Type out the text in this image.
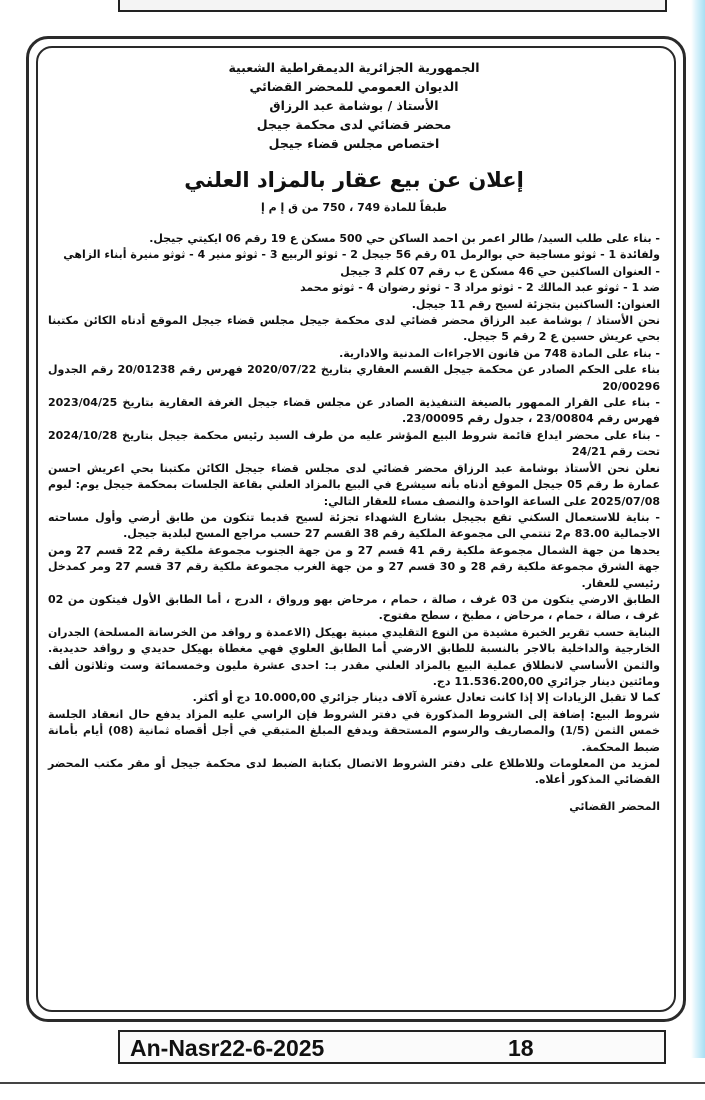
الجمهورية الجزائرية الديمقراطية الشعبية

الديوان العمومي للمحضر القضائي

الأستاذ / بوشامة عبد الرزاق

محضر قضائي لدى محكمة جيجل

اختصاص مجلس قضاء جيجل

إعلان عن بيع عقار بالمزاد العلني

طبقاً للمادة 749 ، 750 من ق إ م إ

- بناء على طلب السيد/ طالر اعمر بن احمد الساكن حي 500 مسكن ع 19 رقم 06 ايكيتي جيجل.

ولفائدة 1 - ثوثو مساجية حي بوالرمل 01 رقم 56 جيجل 2 - ثوثو الربيع 3 - ثوثو منير 4 - ثوثو منيرة أبناء الزاهي

- العنوان الساكنين حي 46 مسكن ع ب رقم 07 كلم 3 جيجل

ضد 1 - ثوثو عبد المالك 2 - ثوثو مراد 3 - ثوثو رضوان 4 - ثوثو محمد

العنوان: الساكنين بتجزئة لسيح رقم 11 جيجل.

نحن الأستاذ / بوشامة عبد الرزاق محضر قضائي لدى محكمة جيجل مجلس قضاء جيجل الموقع أدناه الكائن مكتبنا بحي عريش حسين ع 2 رقم 5 جيجل.

- بناء على المادة 748 من قانون الاجراءات المدنية والادارية.

بناء على الحكم الصادر عن محكمة جيجل القسم العقاري بتاريخ 2020/07/22 فهرس رقم 20/01238 رقم الجدول 20/00296

- بناء على القرار الممهور بالصيغة التنفيذية الصادر عن مجلس قضاء جيجل الغرفة العقارية بتاريخ 2023/04/25 فهرس رقم 23/00804 ، جدول رقم 23/00095.

- بناء على محضر ايداع قائمة شروط البيع المؤشر عليه من طرف السيد رئيس محكمة جيجل بتاريخ 2024/10/28 تحت رقم 24/21

نعلن نحن الأستاذ بوشامة عبد الرزاق محضر قضائي لدى مجلس قضاء جيجل الكائن مكتبنا بحي اعريش احسن عمارة ط رقم 05 جيجل الموقع أدناه بأنه سيشرع في البيع بالمزاد العلني بقاعة الجلسات بمحكمة جيجل يوم: ليوم 2025/07/08 على الساعة الواحدة والنصف مساء للعقار التالي:

- بناية للاستعمال السكني تقع بجيجل بشارع الشهداء تجزئة لسيح قديما تتكون من طابق أرضي وأول مساحته الاجمالية 83.00 م2 تنتمي الى مجموعة الملكية رقم 38 القسم 27 حسب مراجع المسح لبلدية جيجل.

يحدها من جهة الشمال مجموعة ملكية رقم 41 قسم 27 و من جهة الجنوب مجموعة ملكية رقم 22 قسم 27 ومن جهة الشرق مجموعة ملكية رقم 28 و 30 قسم 27 و من جهة الغرب مجموعة ملكية رقم 37 قسم 27 ومر كمدخل رئيسي للعقار.

الطابق الارضي يتكون من 03 غرف ، صالة ، حمام ، مرحاض بهو ورواق ، الدرج ، أما الطابق الأول فيتكون من 02 غرف ، صالة ، حمام ، مرحاض ، مطبخ ، سطح مفتوح.

البناية حسب تقرير الخبرة مشيدة من النوع التقليدي مبنية بهيكل (الاعمدة و روافد من الخرسانة المسلحة) الجدران الخارجية والداخلية بالاجر بالنسبة للطابق الارضي أما الطابق العلوي فهي مغطاة بهيكل حديدي و روافد حديدية. والثمن الأساسي لانطلاق عملية البيع بالمزاد العلني مقدر بـ: احدى عشرة مليون وخمسمائة وست وثلاثون ألف ومائتين دينار جزائري 11.536.200,00 دج.

كما لا تقبل الزيادات إلا إذا كانت تعادل عشرة آلاف دينار جزائري 10.000,00 دج أو أكثر.

شروط البيع: إضافة إلى الشروط المذكورة في دفتر الشروط فإن الراسي عليه المزاد يدفع حال انعقاد الجلسة خمس الثمن (1/5) والمصاريف والرسوم المستحقة ويدفع المبلغ المتبقي في أجل أقصاه ثمانية (08) أيام بأمانة ضبط المحكمة.

لمزيد من المعلومات وللاطلاع على دفتر الشروط الاتصال بكتابة الضبط لدى محكمة جيجل أو مقر مكتب المحضر القضائي المذكور أعلاه.

المحضر القضائي
An-Nasr22-6-2025	18
